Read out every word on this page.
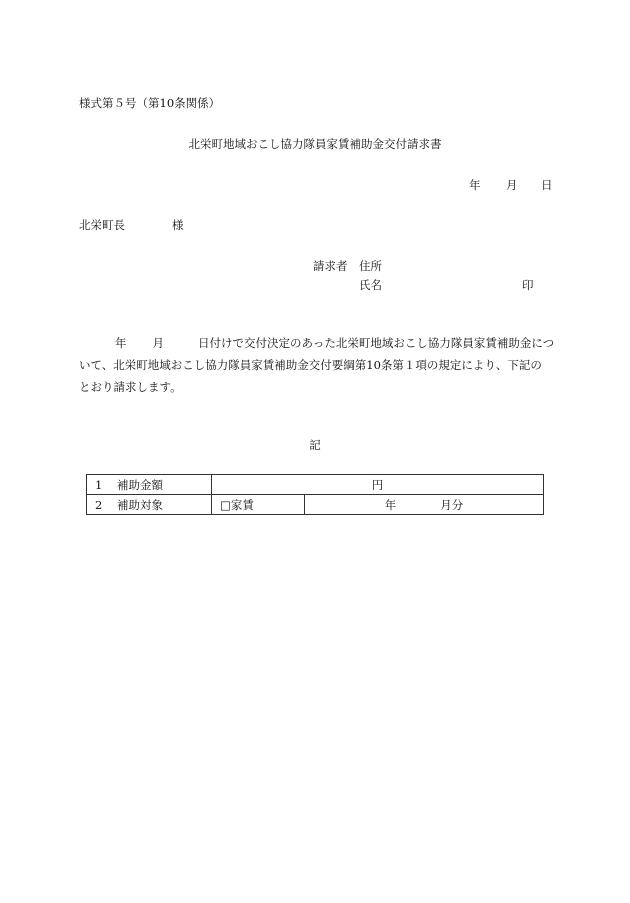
様式第５号（第10条関係）
北栄町地域おこし協力隊員家賃補助金交付請求書
年 月 日
北栄町長	様
請求者 住所
氏名	印
年 月	日付けで交付決定のあった北栄町地域おこし協力隊員家賃補助金につ
いて、北栄町地域おこし協力隊員家賃補助金交付要綱第10条第１項の規定により、下記の
とおり請求します。
記
1 補助金額	円	
2 補助対象	□家賃	年 月分
